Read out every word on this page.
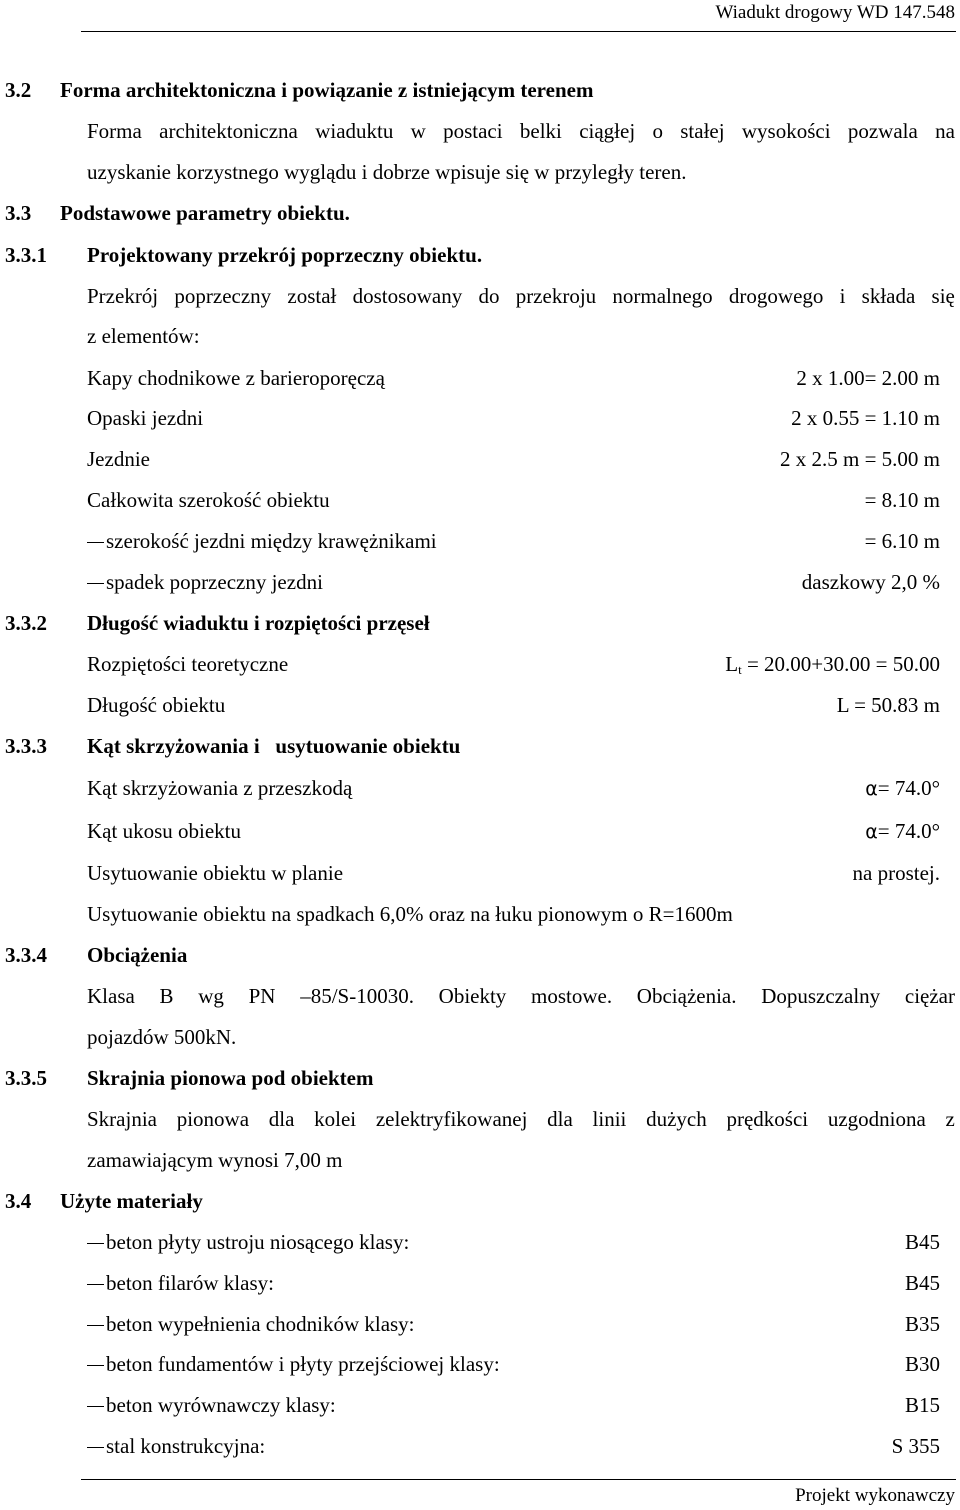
Wiadukt drogowy WD 147.548
3.2 Forma architektoniczna i powiązanie z istniejącym terenem
Forma architektoniczna wiaduktu w postaci belki ciągłej o stałej wysokości pozwala na
uzyskanie korzystnego wyglądu i dobrze wpisuje się w przyległy teren.
3.3 Podstawowe parametry obiektu.
3.3.1 Projektowany przekrój poprzeczny obiektu.
Przekrój poprzeczny został dostosowany do przekroju normalnego drogowego i składa się
z elementów:
Kapy chodnikowe z barieroporęczą	2 x 1.00= 2.00 m
Opaski jezdni	2 x 0.55 = 1.10 m
Jezdnie	2 x 2.5 m = 5.00 m
Całkowita szerokość obiektu	= 8.10 m
szerokość jezdni między krawężnikami	= 6.10 m
spadek poprzeczny jezdni	daszkowy 2,0 %
3.3.2 Długość wiaduktu i rozpiętości przęseł
Rozpiętości teoretyczne	$L_t = 20.00+30.00 = 50.00$
Długość obiektu	L = 50.83 m
3.3.3 Kąt skrzyżowania i   usytuowanie obiektu
Kąt skrzyżowania z przeszkodą	α= 74.0°
Kąt ukosu obiektu	α= 74.0°
Usytuowanie obiektu w planie	na prostej.
Usytuowanie obiektu na spadkach 6,0% oraz na łuku pionowym o R=1600m
3.3.4 Obciążenia
Klasa B wg PN –85/S-10030. Obiekty mostowe. Obciążenia. Dopuszczalny ciężar
pojazdów 500kN.
3.3.5 Skrajnia pionowa pod obiektem
Skrajnia pionowa dla kolei zelektryfikowanej dla linii dużych prędkości uzgodniona z
zamawiającym wynosi 7,00 m
3.4 Użyte materiały
beton płyty ustroju niosącego klasy:	B45
beton filarów klasy:	B45
beton wypełnienia chodników klasy:	B35
beton fundamentów i płyty przejściowej klasy:	B30
beton wyrównawczy klasy:	B15
stal konstrukcyjna:	S 355
Projekt wykonawczy
